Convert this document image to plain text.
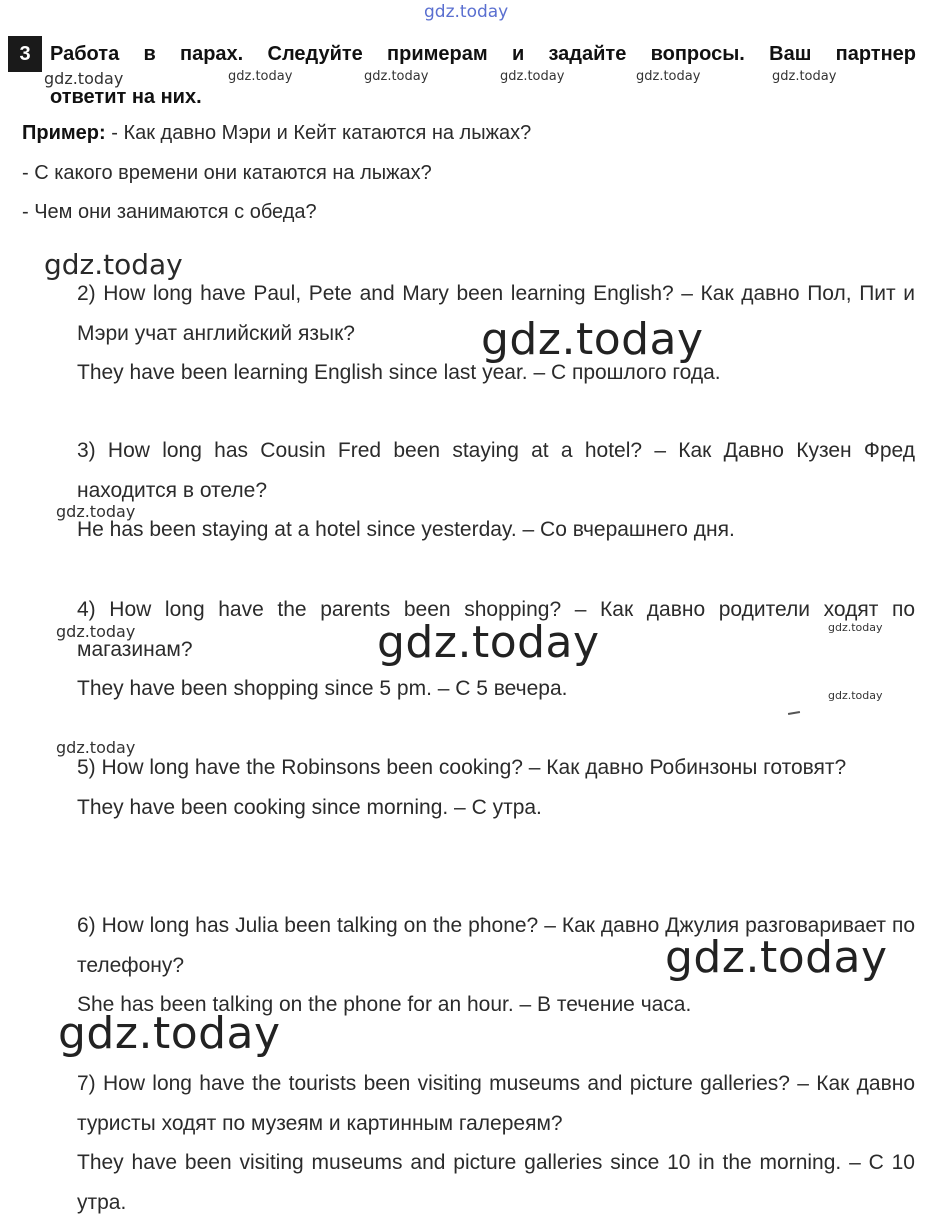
gdz.today
gdz.today	gdz.today	gdz.today	gdz.today	gdz.today	gdz.today
gdz.today
gdz.today
gdz.today
gdz.today	gdz.today	gdz.today
gdz.today
gdz.today
gdz.today
gdz.today
3 Работа в парах. Следуйте примерам и задайте вопросы. Ваш партнер
ответит на них.
Пример: - Как давно Мэри и Кейт катаются на лыжах?
- С какого времени они катаются на лыжах?
- Чем они занимаются с обеда?

2) How long have Paul, Pete and Mary been learning English? – Как давно Пол, Пит и Мэри учат английский язык?

They have been learning English since last year. – С прошлого года.

3) How long has Cousin Fred been staying at a hotel? – Как Давно Кузен Фред находится в отеле?

He has been staying at a hotel since yesterday. – Со вчерашнего дня.

4) How long have the parents been shopping? – Как давно родители ходят по магазинам?

They have been shopping since 5 pm. – С 5 вечера.

5) How long have the Robinsons been cooking? – Как давно Робинзоны готовят?

They have been cooking since morning. – С утра.

6) How long has Julia been talking on the phone? – Как давно Джулия разговаривает по телефону?

She has been talking on the phone for an hour. – В течение часа.

7) How long have the tourists been visiting museums and picture galleries? – Как давно туристы ходят по музеям и картинным галереям?

They have been visiting museums and picture galleries since 10 in the morning. – С 10 утра.
